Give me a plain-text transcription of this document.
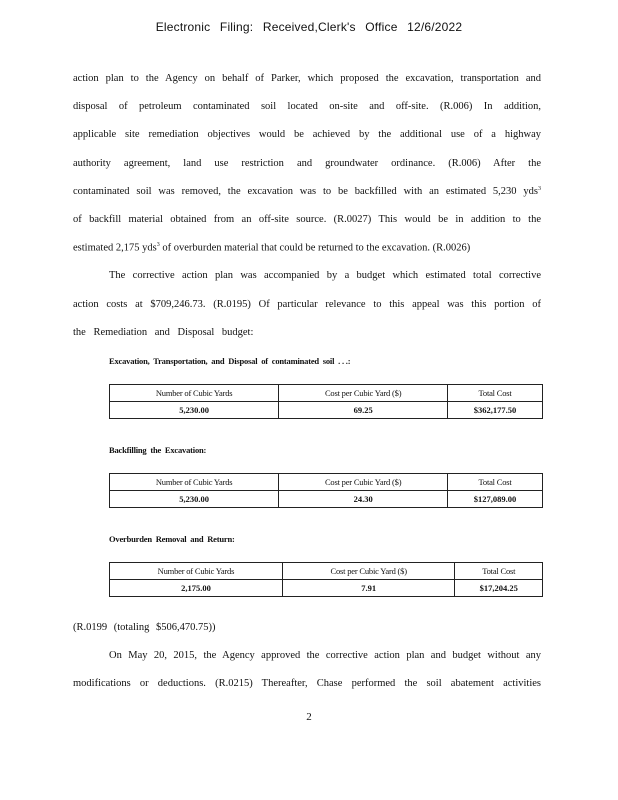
Electronic Filing: Received,Clerk's Office 12/6/2022
action plan to the Agency on behalf of Parker, which proposed the excavation, transportation and
disposal of petroleum contaminated soil located on-site and off-site. (R.006) In addition,
applicable site remediation objectives would be achieved by the additional use of a highway
authority agreement, land use restriction and groundwater ordinance. (R.006) After the
contaminated soil was removed, the excavation was to be backfilled with an estimated 5,230 yds 3
of backfill material obtained from an off-site source. (R.0027) This would be in addition to the
estimated 2,175 yds$^3$ of overburden material that could be returned to the excavation. (R.0026)
The corrective action plan was accompanied by a budget which estimated total corrective
action costs at $709,246.73. (R.0195) Of particular relevance to this appeal was this portion of
the Remediation and Disposal budget:
Excavation,  Transportation,  and  Disposal  of  contaminated  soil  . . .:
Number of Cubic Yards	Cost per Cubic Yard ($)	Total Cost
5,230.00	69.25	$362,177.50
Backfilling  the  Excavation:
Number of Cubic Yards	Cost per Cubic Yard ($)	Total Cost
5,230.00	24.30	$127,089.00
Overburden  Removal  and  Return:
Number of Cubic Yards	Cost per Cubic Yard ($)	Total Cost
2,175.00	7.91	$17,204.25
(R.0199 (totaling $506,470.75))
On May 20, 2015, the Agency approved the corrective action plan and budget without any
modifications or deductions. (R.0215) Thereafter, Chase performed the soil abatement activities
2
